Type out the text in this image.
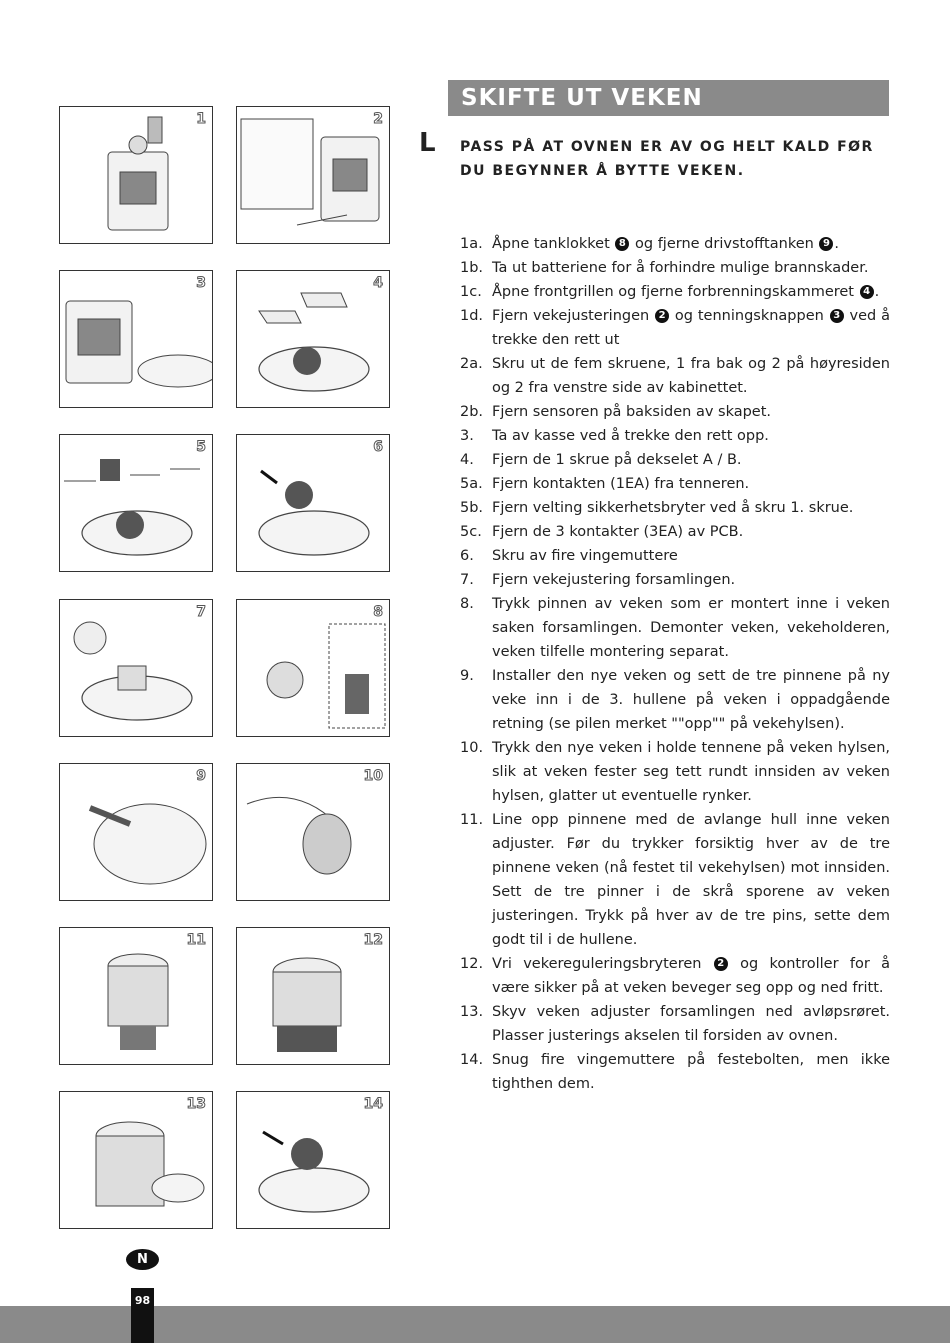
1	2
3	4
5	6
7	8
9	10
11	12
13	14
SKIFTE UT VEKEN
L PASS PÅ AT OVNEN ER AV OG HELT KALD FØR DU BEGYNNER Å BYTTE VEKEN.
1a. Åpne tanklokket 8 og fjerne drivstofftanken 9 .
1b. Ta ut batteriene for å forhindre mulige brannskader.
1c. Åpne frontgrillen og fjerne forbrenningskammeret 4 .
1d. Fjern vekejusteringen 2 og tenningsknappen 3 ved å trekke den rett ut
2a. Skru ut de fem skruene, 1 fra bak og 2 på høyresiden og 2 fra venstre side av kabinettet.
2b. Fjern sensoren på baksiden av skapet.
3.	Ta av kasse ved å trekke den rett opp.
4.	Fjern de 1 skrue på dekselet A / B.
5a. Fjern kontakten (1EA) fra tenneren.
5b. Fjern velting sikkerhetsbryter ved å skru 1. skrue.
5c. Fjern de 3 kontakter (3EA) av PCB.
6.	Skru av fire vingemuttere
7.	Fjern vekejustering forsamlingen.
8.	Trykk pinnen av veken som er montert inne i veken saken forsamlingen. Demonter veken, vekeholderen, veken tilfelle montering separat.
9.	Installer den nye veken og sett de tre pinnene på ny veke inn i de 3. hullene på veken i oppadgående retning (se pilen merket ""opp"" på vekehylsen).
10. Trykk den nye veken i holde tennene på veken hylsen, slik at veken fester seg tett rundt innsiden av veken hylsen, glatter ut eventuelle rynker.
11. Line opp pinnene med de avlange hull inne veken adjuster. Før du trykker forsiktig hver av de tre pinnene veken (nå festet til vekehylsen) mot innsiden. Sett de tre pinner i de skrå sporene av veken justeringen. Trykk på hver av de tre pins, sette dem godt til i de hullene.
12. Vri vekereguleringsbryteren 2 og kontroller for å være sikker på at veken beveger seg opp og ned fritt.
13. Skyv veken adjuster forsamlingen ned avløpsrøret. Plasser justerings akselen til forsiden av ovnen.
14. Snug fire vingemuttere på festebolten, men ikke tighthen dem.
N
98
